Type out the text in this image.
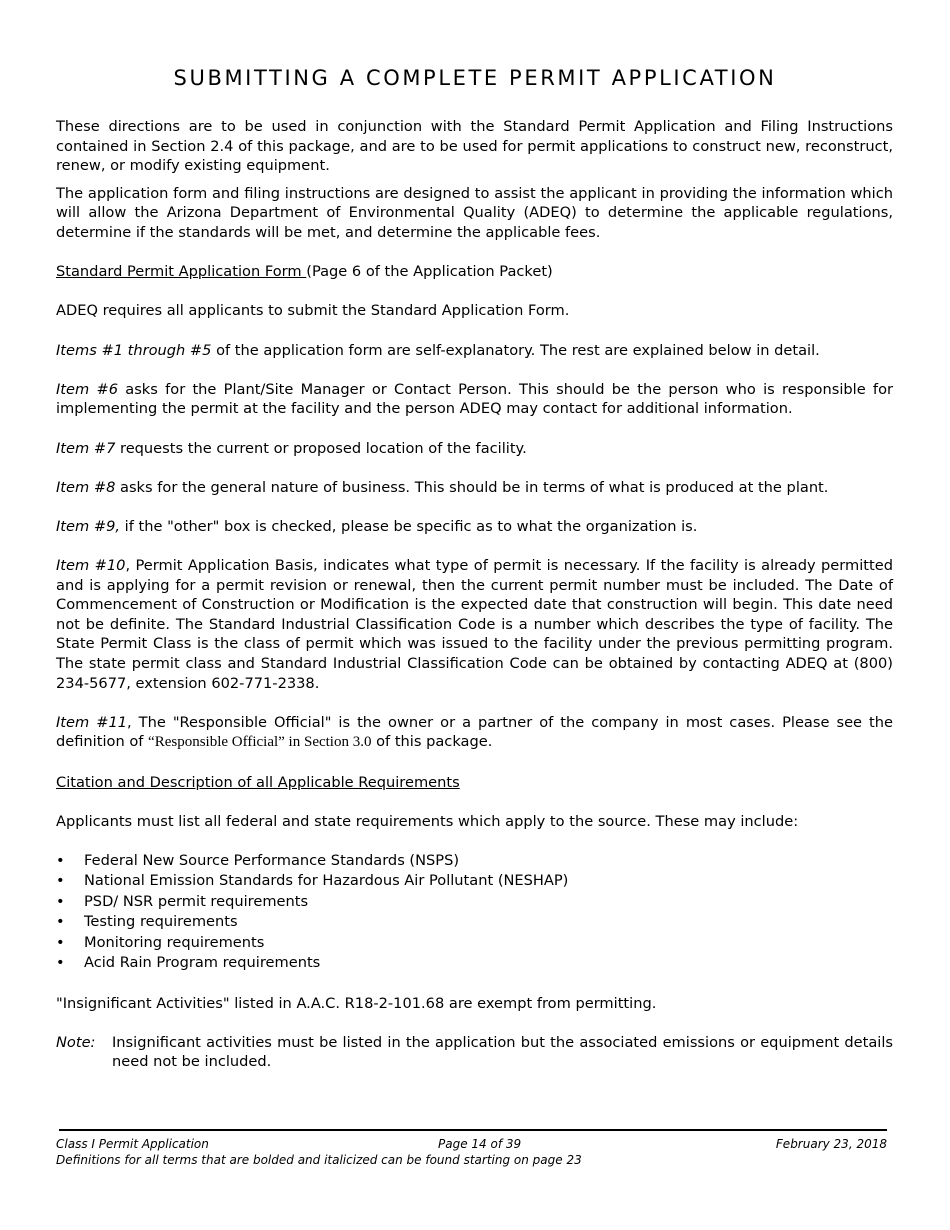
SUBMITTING A COMPLETE PERMIT APPLICATION

These directions are to be used in conjunction with the Standard Permit Application and Filing Instructions contained in Section 2.4 of this package, and are to be used for permit applications to construct new, reconstruct, renew, or modify existing equipment.

The application form and filing instructions are designed to assist the applicant in providing the information which will allow the Arizona Department of Environmental Quality (ADEQ) to determine the applicable regulations, determine if the standards will be met, and determine the applicable fees.

Standard Permit Application Form (Page 6 of the Application Packet)

ADEQ requires all applicants to submit the Standard Application Form.

Items #1 through #5 of the application form are self-explanatory. The rest are explained below in detail.

Item #6 asks for the Plant/Site Manager or Contact Person. This should be the person who is responsible for implementing the permit at the facility and the person ADEQ may contact for additional information.

Item #7 requests the current or proposed location of the facility.

Item #8 asks for the general nature of business. This should be in terms of what is produced at the plant.

Item #9, if the "other" box is checked, please be specific as to what the organization is.

Item #10, Permit Application Basis, indicates what type of permit is necessary. If the facility is already permitted and is applying for a permit revision or renewal, then the current permit number must be included. The Date of Commencement of Construction or Modification is the expected date that construction will begin. This date need not be definite. The Standard Industrial Classification Code is a number which describes the type of facility. The State Permit Class is the class of permit which was issued to the facility under the previous permitting program. The state permit class and Standard Industrial Classification Code can be obtained by contacting ADEQ at (800) 234-5677, extension 602-771-2338.

Item #11, The "Responsible Official" is the owner or a partner of the company in most cases. Please see the definition of “Responsible Official” in Section 3.0 of this package.

Citation and Description of all Applicable Requirements

Applicants must list all federal and state requirements which apply to the source. These may include:

• Federal New Source Performance Standards (NSPS)
• National Emission Standards for Hazardous Air Pollutant (NESHAP)
• PSD/ NSR permit requirements
• Testing requirements
• Monitoring requirements
• Acid Rain Program requirements

"Insignificant Activities" listed in A.A.C. R18-2-101.68 are exempt from permitting.

Note:	Insignificant activities must be listed in the application but the associated emissions or equipment details need not be included.
Class I Permit Application	Page 14 of 39	February 23, 2018
Definitions for all terms that are bolded and italicized can be found starting on page 23
